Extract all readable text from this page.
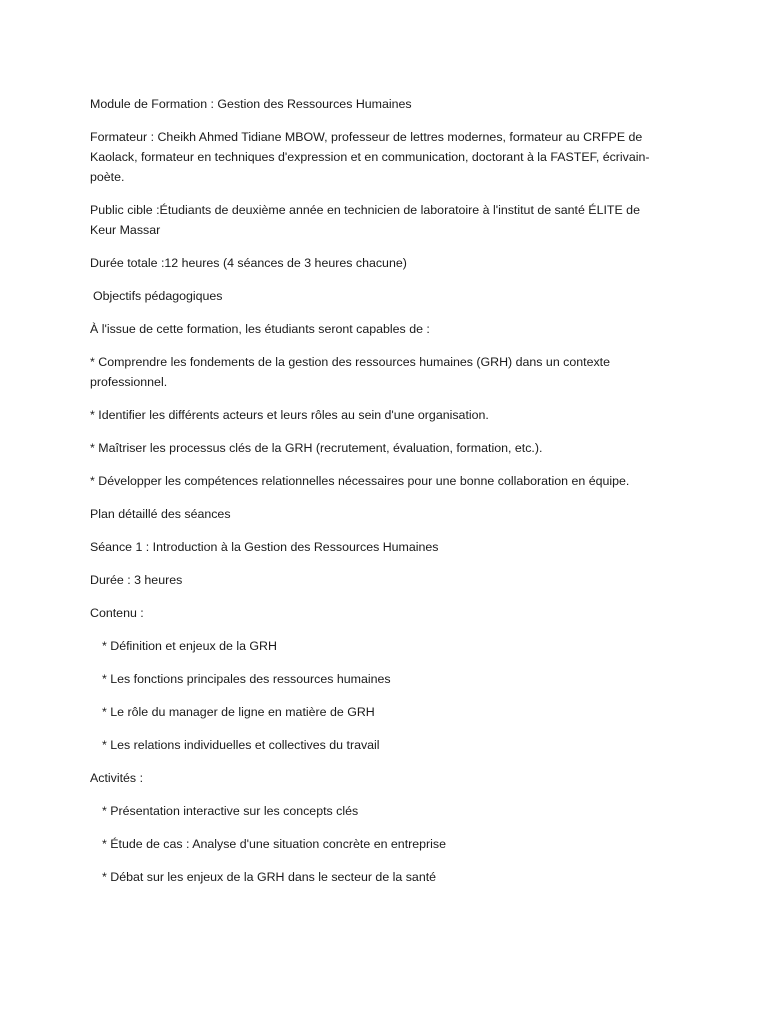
Module de Formation : Gestion des Ressources Humaines

Formateur : Cheikh Ahmed Tidiane MBOW, professeur de lettres modernes, formateur au CRFPE de Kaolack, formateur en techniques d'expression et en communication, doctorant à la FASTEF, écrivain-poète.

Public cible :Étudiants de deuxième année en technicien de laboratoire à l'institut de santé ÉLITE de Keur Massar

Durée totale :12 heures (4 séances de 3 heures chacune)

Objectifs pédagogiques

À l'issue de cette formation, les étudiants seront capables de :

* Comprendre les fondements de la gestion des ressources humaines (GRH) dans un contexte professionnel.

* Identifier les différents acteurs et leurs rôles au sein d'une organisation.

* Maîtriser les processus clés de la GRH (recrutement, évaluation, formation, etc.).

* Développer les compétences relationnelles nécessaires pour une bonne collaboration en équipe.

Plan détaillé des séances

Séance 1 : Introduction à la Gestion des Ressources Humaines

Durée : 3 heures

Contenu :

* Définition et enjeux de la GRH

* Les fonctions principales des ressources humaines

* Le rôle du manager de ligne en matière de GRH

* Les relations individuelles et collectives du travail

Activités :

* Présentation interactive sur les concepts clés

* Étude de cas : Analyse d'une situation concrète en entreprise

* Débat sur les enjeux de la GRH dans le secteur de la santé
